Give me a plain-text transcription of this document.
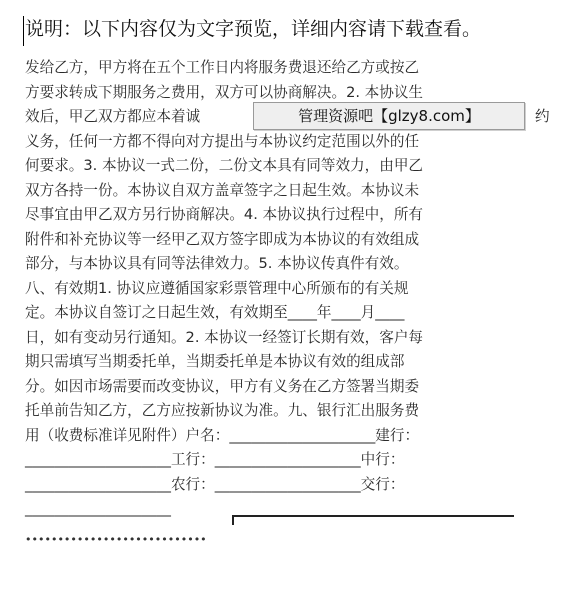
说明：以下内容仅为文字预览，详细内容请下载查看。
发给乙方，甲方将在五个工作日内将服务费退还给乙方或按乙
方要求转成下期服务之费用，双方可以协商解决。2. 本协议生
效后，甲乙双方都应本着诚	约
义务，任何一方都不得向对方提出与本协议约定范围以外的任
何要求。3. 本协议一式二份，二份文本具有同等效力，由甲乙
双方各持一份。本协议自双方盖章签字之日起生效。本协议未
尽事宜由甲乙双方另行协商解决。4. 本协议执行过程中，所有
附件和补充协议等一经甲乙双方签字即成为本协议的有效组成
部分，与本协议具有同等法律效力。5. 本协议传真件有效。
八、有效期1. 协议应遵循国家彩票管理中心所颁布的有关规
定。本协议自签订之日起生效，有效期至____年____月____
日，如有变动另行通知。2. 本协议一经签订长期有效，客户每
期只需填写当期委托单，当期委托单是本协议有效的组成部
分。如因市场需要而改变协议，甲方有义务在乙方签署当期委
托单前告知乙方，乙方应按新协议为准。九、银行汇出服务费
用（收费标准详见附件）户名：____________________建行：
____________________工行：____________________中行：
____________________农行：____________________交行：
____________________
管理资源吧【glzy8.com】
••••••••••••••••••••••••••••
